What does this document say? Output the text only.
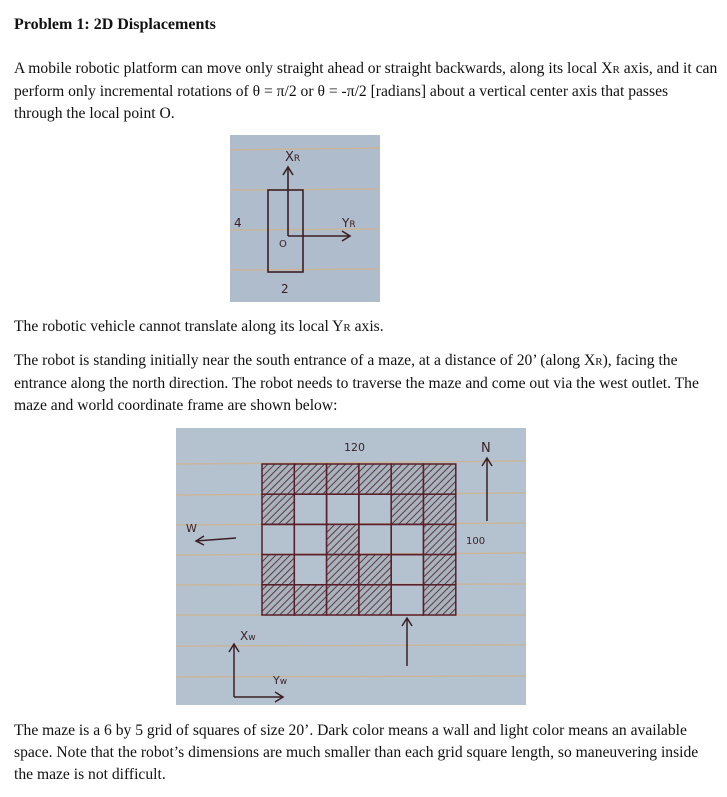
Problem 1: 2D Displacements
A mobile robotic platform can move only straight ahead or straight backwards, along its local XR axis, and it can perform only incremental rotations of θ = π/2 or θ = -π/2 [radians] about a vertical center axis that passes through the local point O.
XR
YR
4
O
2
The robotic vehicle cannot translate along its local YR axis.
The robot is standing initially near the south entrance of a maze, at a distance of 20’ (along XR), facing the entrance along the north direction. The robot needs to traverse the maze and come out via the west outlet. The maze and world coordinate frame are shown below:
120
100
N
W
Xw
Yw
The maze is a 6 by 5 grid of squares of size 20’. Dark color means a wall and light color means an available space. Note that the robot’s dimensions are much smaller than each grid square length, so maneuvering inside the maze is not difficult.
